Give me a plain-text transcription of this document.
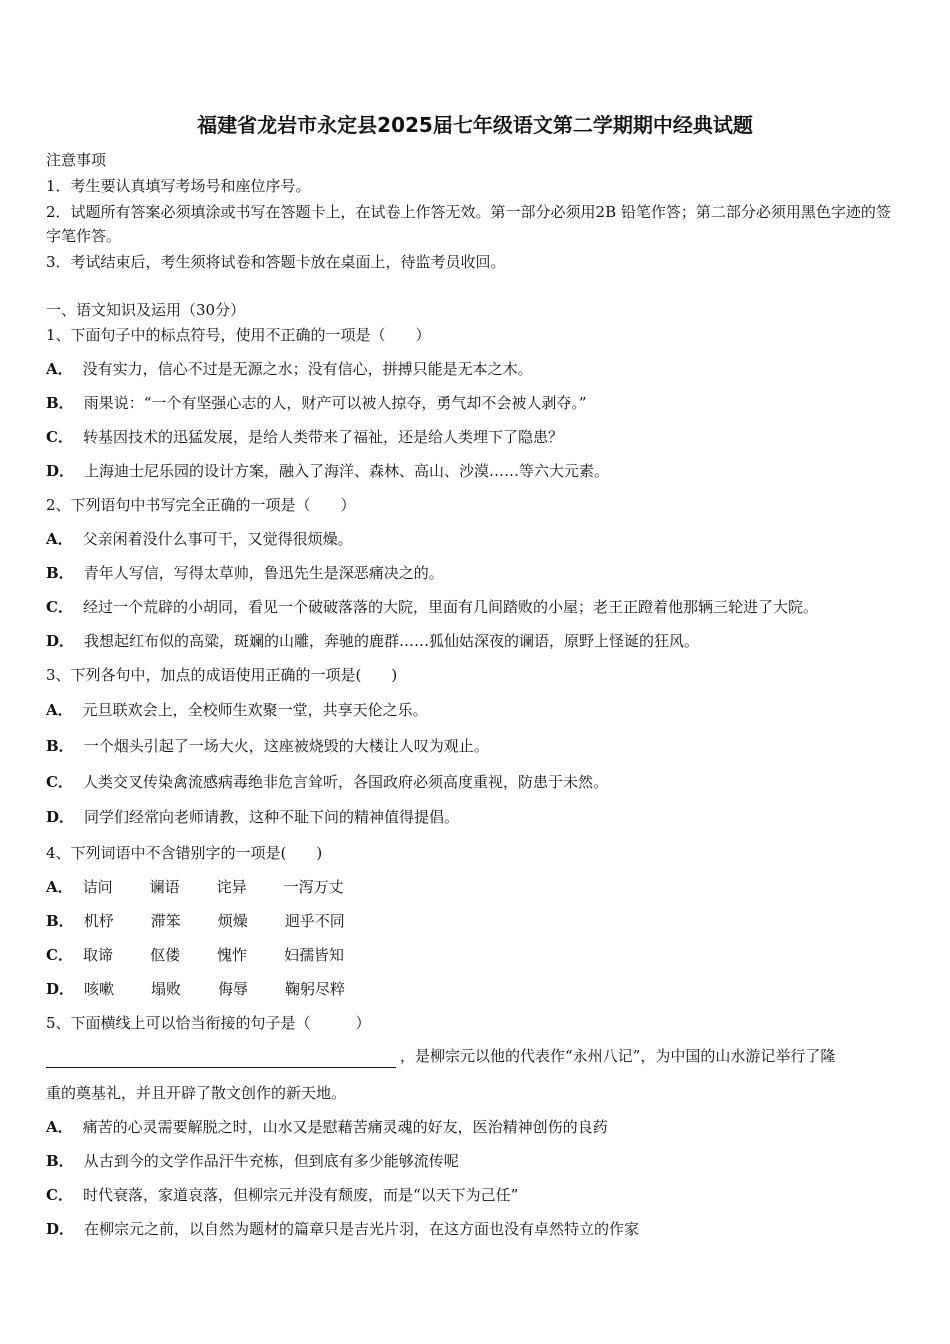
福建省龙岩市永定县2025届七年级语文第二学期期中经典试题
注意事项
1．考生要认真填写考场号和座位序号。
2．试题所有答案必须填涂或书写在答题卡上，在试卷上作答无效。第一部分必须用2B 铅笔作答；第二部分必须用黑色字迹的签字笔作答。
3．考试结束后，考生须将试卷和答题卡放在桌面上，待监考员收回。
一、语文知识及运用（30分）
1、下面句子中的标点符号，使用不正确的一项是（　　）
A． 没有实力，信心不过是无源之水；没有信心，拼搏只能是无本之木。
B． 雨果说：“一个有坚强心志的人，财产可以被人掠夺，勇气却不会被人剥夺。”
C． 转基因技术的迅猛发展，是给人类带来了福祉，还是给人类埋下了隐患？
D． 上海迪士尼乐园的设计方案，融入了海洋、森林、高山、沙漠……等六大元素。
2、下列语句中书写完全正确的一项是（　　）
A． 父亲闲着没什么事可干，又觉得很烦燥。
B． 青年人写信，写得太草帅，鲁迅先生是深恶痛决之的。
C． 经过一个荒辟的小胡同，看见一个破破落落的大院，里面有几间踏败的小屋；老王正蹬着他那辆三轮进了大院。
D． 我想起红布似的高粱，斑斓的山雕，奔驰的鹿群……狐仙姑深夜的谰语，原野上怪诞的狂风。
3、下列各句中，加点的成语使用正确的一项是(　　)
A． 元旦联欢会上，全校师生欢聚一堂，共享天伦之乐。
B． 一个烟头引起了一场大火，这座被烧毁的大楼让人叹为观止。
C． 人类交叉传染禽流感病毒绝非危言耸听，各国政府必须高度重视，防患于未然。
D． 同学们经常向老师请教，这种不耻下问的精神值得提倡。
4、下列词语中不含错别字的一项是(　　)
A． 诘问 谰语 诧异 一泻万丈
B． 机杼 滞笨 烦燥 迥乎不同
C． 取谛 伛偻 愧怍 妇孺皆知
D． 咳嗽 塌败 侮辱 鞠躬尽粹
5、下面横线上可以恰当衔接的句子是（　　　）
，是柳宗元以他的代表作“永州八记”，为中国的山水游记举行了隆
重的奠基礼，并且开辟了散文创作的新天地。
A． 痛苦的心灵需要解脱之时，山水又是慰藉苦痛灵魂的好友，医治精神创伤的良药
B． 从古到今的文学作品汗牛充栋，但到底有多少能够流传呢
C． 时代衰落，家道哀落，但柳宗元并没有颓废，而是“以天下为己任”
D． 在柳宗元之前，以自然为题材的篇章只是吉光片羽，在这方面也没有卓然特立的作家
